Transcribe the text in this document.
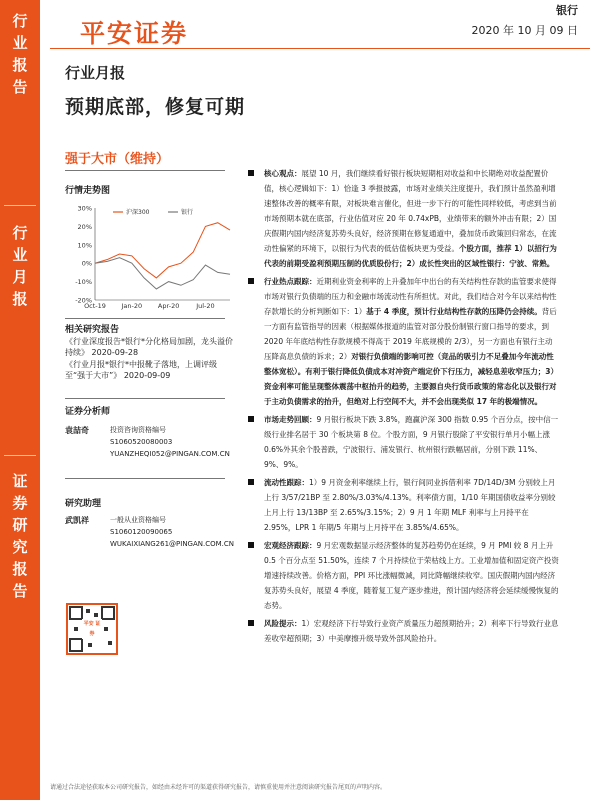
行
业
报
告
行
业
月
报
证
券
研
究
报
告
平安证券
银行
2020 年 10 月 09 日
行业月报
预期底部，修复可期
强于大市（维持）
行情走势图
30%
20%
10%
0%
-10%
-20%
Oct-19 Jan-20 Apr-20	Jul-20
沪深300	银行
相关研究报告

《行业深度报告*银行*分化格局加剧，龙头溢价持续》 2020-09-28

《行业月报*银行*中报靴子落地，上调评级至“强于大市”》 2020-09-09

证券分析师
袁喆奇	投资咨询资格编号
S1060520080003
YUANZHEQI052@PINGAN.COM.CN
研究助理
武凯祥	一般从业资格编号
S1060120090065
WUKAIXIANG261@PINGAN.COM.CN
平安 证券

核心观点：展望 10 月，我们继续看好银行板块短期相对收益和中长期绝对收益配置价值，核心逻辑如下：1）恰逢 3 季报披露，市场对业绩关注度提升，我们预计虽然盈利增速整体改善的概率有限，对板块难言催化，但进一步下行的可能性同样较低，考虑到当前市场预期本就在底部，行业估值对应 20 年 0.74xPB，业绩带来的额外冲击有限；2）国庆假期内国内经济复苏势头良好，经济预期在修复通道中，叠加货币政策回归常态，在流动性偏紧的环境下，以银行为代表的低估值板块更为受益。个股方面，推荐 1）以招行为代表的前期受盈利预期压制的优质股份行；2）成长性突出的区域性银行：宁波、常熟。

行业热点跟踪：近期利业资金利率的上升叠加年中出台的有关结构性存款的监管要求使得市场对银行负债端的压力和金融市场流动性有所担忧。对此，我们结合对今年以来结构性存款增长的分析判断如下：1）基于 4 季度，预计行业结构性存款的压降仍会持续。背后一方面有监管指导的因素（根据媒体报道的监管对部分股份制银行窗口指导的要求，到 2020 年年底结构性存款规模不得高于 2019 年底规模的 2/3），另一方面也有银行主动压降高息负债的诉求；2）对银行负债端的影响可控（竞品的吸引力不足叠加今年流动性整体宽松）。有利于银行降低负债成本对冲资产端定价下行压力，减轻息差收窄压力；3）资金利率可能呈现整体震荡中枢抬升的趋势，主要源自央行货币政策的常态化以及银行对于主动负债需求的抬升，但绝对上行空间不大，并不会出现类似 17 年的极端情况。

市场走势回顾：9 月银行板块下跌 3.8%，跑赢沪深 300 指数 0.95 个百分点，按中信一级行业排名居于 30 个板块第 8 位。个股方面，9 月银行股除了平安银行单月小幅上涨 0.6%外其余个股普跌，宁波银行、浦发银行、杭州银行跌幅居前，分别下跌 11%、9%、9%。

流动性跟踪：1）9 月资金利率继续上行，银行间同业拆借利率 7D/14D/3M 分别较上月上行 3/57/21BP 至 2.80%/3.03%/4.13%。利率债方面，1/10 年期国债收益率分别较上月上行 13/13BP 至 2.65%/3.15%；2）9 月 1 年期 MLF 利率与上月持平在 2.95%，LPR 1 年期/5 年期与上月持平在 3.85%/4.65%。

宏观经济跟踪：9 月宏观数据显示经济整体的复苏趋势仍在延续，9 月 PMI 较 8 月上升 0.5 个百分点至 51.50%，连续 7 个月持续位于荣枯线上方。工业增加值和固定资产投资增速持续改善。价格方面，PPI 环比涨幅微减，同比降幅继续收窄。国庆假期内国内经济复苏势头良好，展望 4 季度，随着复工复产逐步推进，预计国内经济将会延续缓慢恢复的态势。

风险提示：1）宏观经济下行导致行业资产质量压力超预期抬升；2）利率下行导致行业息差收窄超预期；3）中美摩擦升级导致外部风险抬升。

请通过合法途径获取本公司研究报告，如经由未经许可的渠道获得研究报告，请慎重使用并注意阅读研究报告尾页的声明内容。
